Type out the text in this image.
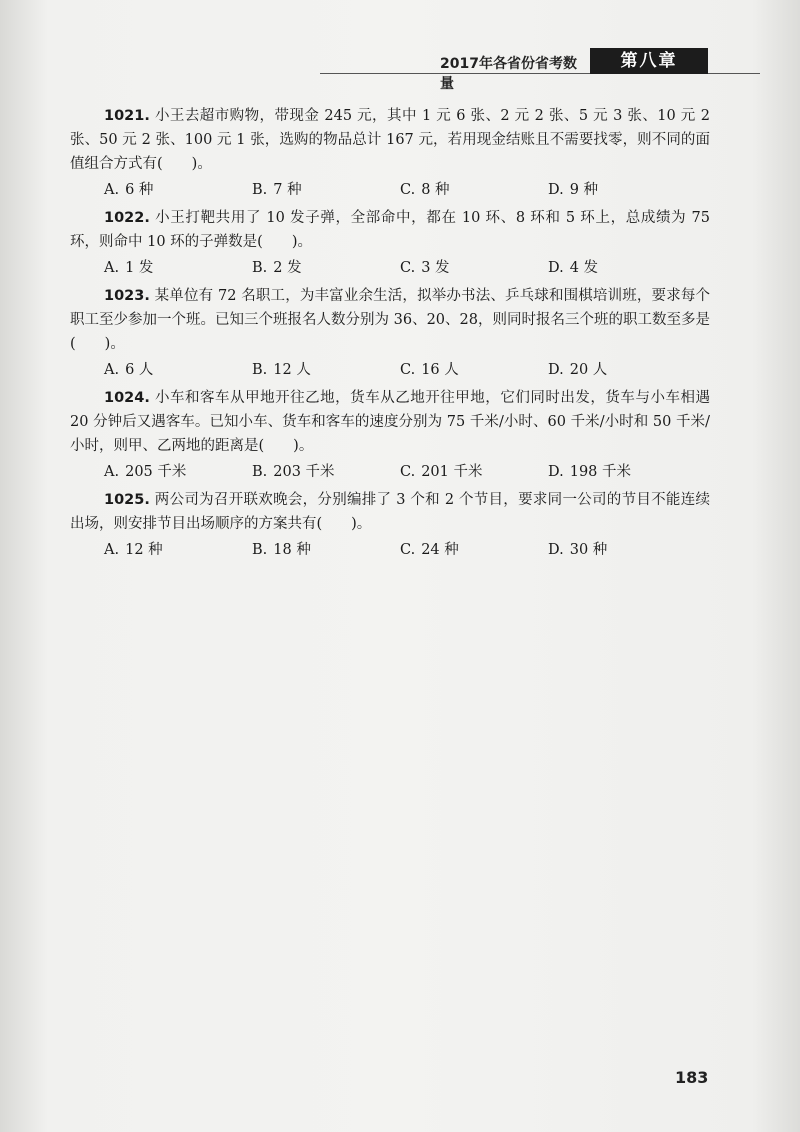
2017年各省份省考数量
第八章
1021. 小王去超市购物，带现金 245 元，其中 1 元 6 张、2 元 2 张、5 元 3 张、10 元 2 张、50 元 2 张、100 元 1 张，选购的物品总计 167 元，若用现金结账且不需要找零，则不同的面值组合方式有(　　)。
A. 6 种	B. 7 种	C. 8 种	D. 9 种
1022. 小王打靶共用了 10 发子弹，全部命中，都在 10 环、8 环和 5 环上，总成绩为 75 环，则命中 10 环的子弹数是(　　)。
A. 1 发	B. 2 发	C. 3 发	D. 4 发
1023. 某单位有 72 名职工，为丰富业余生活，拟举办书法、乒乓球和围棋培训班，要求每个职工至少参加一个班。已知三个班报名人数分别为 36、20、28，则同时报名三个班的职工数至多是(　　)。
A. 6 人	B. 12 人	C. 16 人	D. 20 人
1024. 小车和客车从甲地开往乙地，货车从乙地开往甲地，它们同时出发，货车与小车相遇 20 分钟后又遇客车。已知小车、货车和客车的速度分别为 75 千米/小时、60 千米/小时和 50 千米/小时，则甲、乙两地的距离是(　　)。
A. 205 千米	B. 203 千米	C. 201 千米	D. 198 千米
1025. 两公司为召开联欢晚会，分别编排了 3 个和 2 个节目，要求同一公司的节目不能连续出场，则安排节目出场顺序的方案共有(　　)。
A. 12 种	B. 18 种	C. 24 种	D. 30 种
183
